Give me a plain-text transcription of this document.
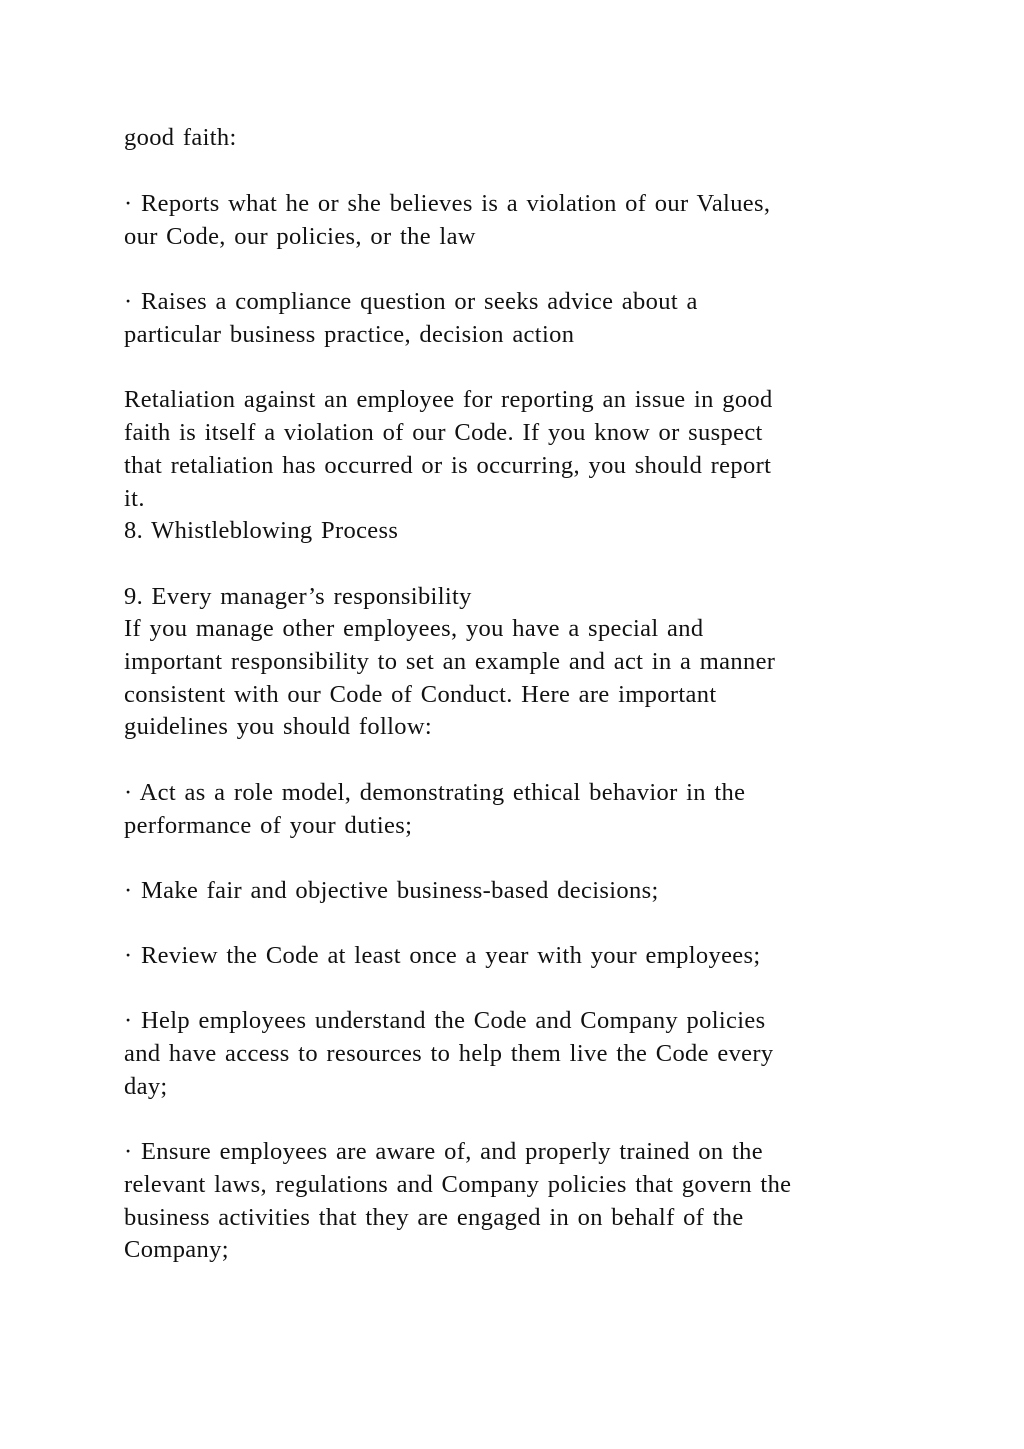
good faith:

· Reports what he or she believes is a violation of our Values,

our Code, our policies, or the law

· Raises a compliance question or seeks advice about a

particular business practice, decision action

Retaliation against an employee for reporting an issue in good

faith is itself a violation of our Code. If you know or suspect

that retaliation has occurred or is occurring, you should report

it.

8. Whistleblowing Process

9. Every manager’s responsibility

If you manage other employees, you have a special and

important responsibility to set an example and act in a manner

consistent with our Code of Conduct. Here are important

guidelines you should follow:

· Act as a role model, demonstrating ethical behavior in the

performance of your duties;

· Make fair and objective business-based decisions;

· Review the Code at least once a year with your employees;

· Help employees understand the Code and Company policies

and have access to resources to help them live the Code every

day;

· Ensure employees are aware of, and properly trained on the

relevant laws, regulations and Company policies that govern the

business activities that they are engaged in on behalf of the

Company;
